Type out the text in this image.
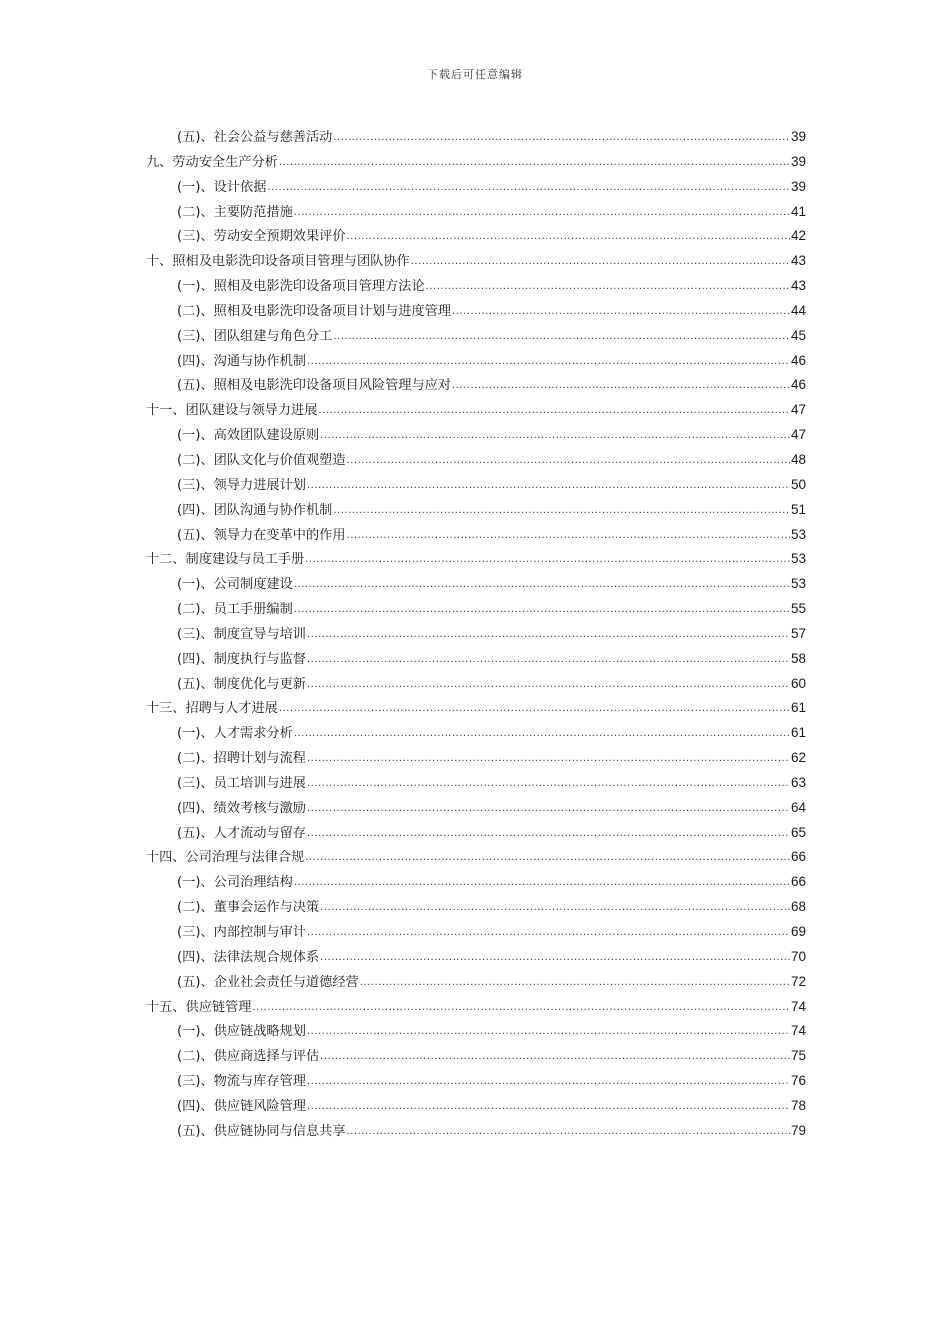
下载后可任意编辑
(五)、社会公益与慈善活动 .....	39
九、劳动安全生产分析 .....	39
(一)、设计依据 .....	39
(二)、主要防范措施 .....	41
(三)、劳动安全预期效果评价 .....	42
十、照相及电影洗印设备项目管理与团队协作 .....	43
(一)、照相及电影洗印设备项目管理方法论 .....	43
(二)、照相及电影洗印设备项目计划与进度管理 .....	44
(三)、团队组建与角色分工 .....	45
(四)、沟通与协作机制 .....	46
(五)、照相及电影洗印设备项目风险管理与应对 .....	46
十一、团队建设与领导力进展 .....	47
(一)、高效团队建设原则 .....	47
(二)、团队文化与价值观塑造 .....	48
(三)、领导力进展计划 .....	50
(四)、团队沟通与协作机制 .....	51
(五)、领导力在变革中的作用 .....	53
十二、制度建设与员工手册 .....	53
(一)、公司制度建设 .....	53
(二)、员工手册编制 .....	55
(三)、制度宣导与培训 .....	57
(四)、制度执行与监督 .....	58
(五)、制度优化与更新 .....	60
十三、招聘与人才进展 .....	61
(一)、人才需求分析 .....	61
(二)、招聘计划与流程 .....	62
(三)、员工培训与进展 .....	63
(四)、绩效考核与激励 .....	64
(五)、人才流动与留存 .....	65
十四、公司治理与法律合规 .....	66
(一)、公司治理结构 .....	66
(二)、董事会运作与决策 .....	68
(三)、内部控制与审计 .....	69
(四)、法律法规合规体系 .....	70
(五)、企业社会责任与道德经营 .....	72
十五、供应链管理 .....	74
(一)、供应链战略规划 .....	74
(二)、供应商选择与评估 .....	75
(三)、物流与库存管理 .....	76
(四)、供应链风险管理 .....	78
(五)、供应链协同与信息共享 .....	79
